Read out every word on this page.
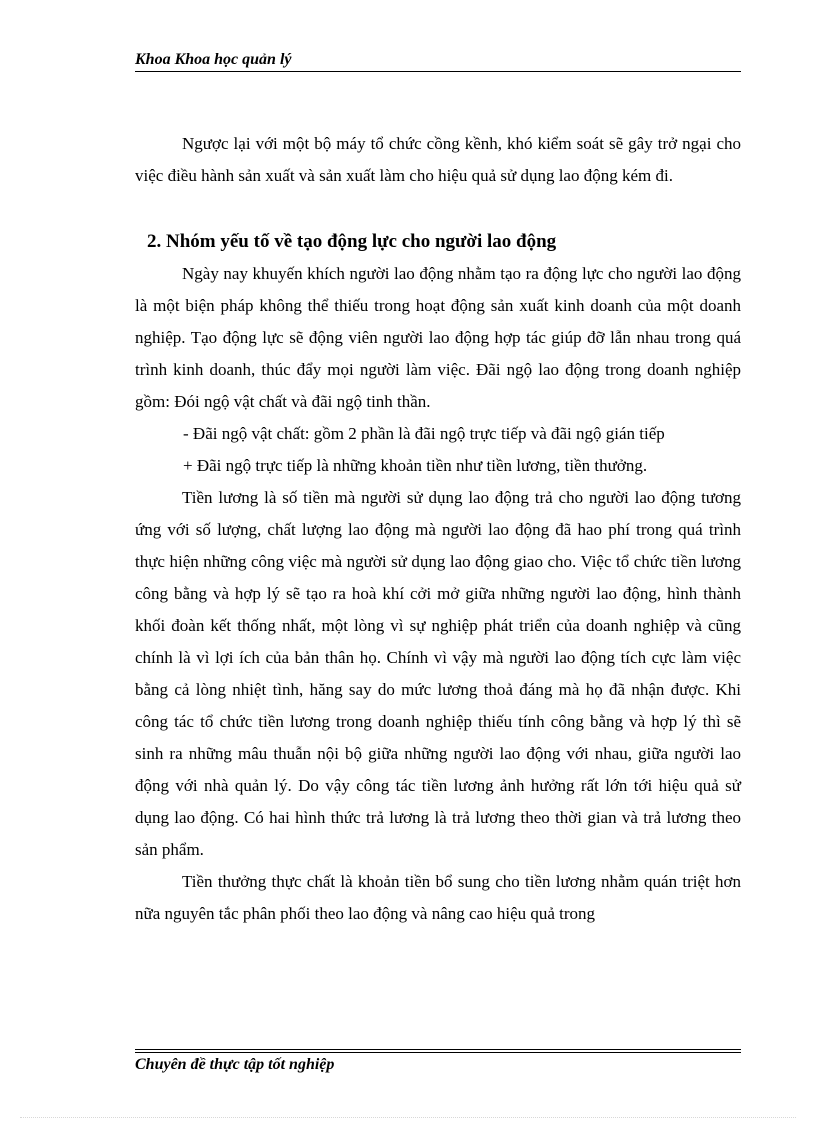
Khoa Khoa học quản lý

Ngược lại với một bộ máy tổ chức cồng kềnh, khó kiểm soát sẽ gây trở ngại cho việc điều hành sản xuất và sản xuất làm cho hiệu quả sử dụng lao động kém đi.

2. Nhóm yếu tố về tạo động lực cho người lao động

Ngày nay khuyến khích người lao động nhằm tạo ra động lực cho người lao động là một biện pháp không thể thiếu trong hoạt động sản xuất kinh doanh của một doanh nghiệp. Tạo động lực sẽ động viên người lao động hợp tác giúp đỡ lẫn nhau trong quá trình kinh doanh, thúc đẩy mọi người làm việc. Đãi ngộ lao động trong doanh nghiệp gồm: Đói ngộ vật chất và đãi ngộ tinh thần.

- Đãi ngộ vật chất: gồm 2 phần là đãi ngộ trực tiếp và đãi ngộ gián tiếp

+ Đãi ngộ trực tiếp là những khoản tiền như tiền lương, tiền thưởng.

Tiền lương là số tiền mà người sử dụng lao động trả cho người lao động tương ứng với số lượng, chất lượng lao động mà người lao động đã hao phí trong quá trình thực hiện những công việc mà người sử dụng lao động giao cho. Việc tổ chức tiền lương công bằng và hợp lý sẽ tạo ra hoà khí cởi mở giữa những người lao động, hình thành khối đoàn kết thống nhất, một lòng vì sự nghiệp phát triển của doanh nghiệp và cũng chính là vì lợi ích của bản thân họ. Chính vì vậy mà người lao động tích cực làm việc bằng cả lòng nhiệt tình, hăng say do mức lương thoả đáng mà họ đã nhận được. Khi công tác tổ chức tiền lương trong doanh nghiệp thiếu tính công bằng và hợp lý thì sẽ sinh ra những mâu thuẫn nội bộ giữa những người lao động với nhau, giữa người lao động với nhà quản lý. Do vậy công tác tiền lương ảnh hưởng rất lớn tới hiệu quả sử dụng lao động. Có hai hình thức trả lương là trả lương theo thời gian và trả lương theo sản phẩm.

Tiền thưởng thực chất là khoản tiền bổ sung cho tiền lương nhằm quán triệt hơn nữa nguyên tắc phân phối theo lao động và nâng cao hiệu quả trong

Chuyên đề thực tập tốt nghiệp
